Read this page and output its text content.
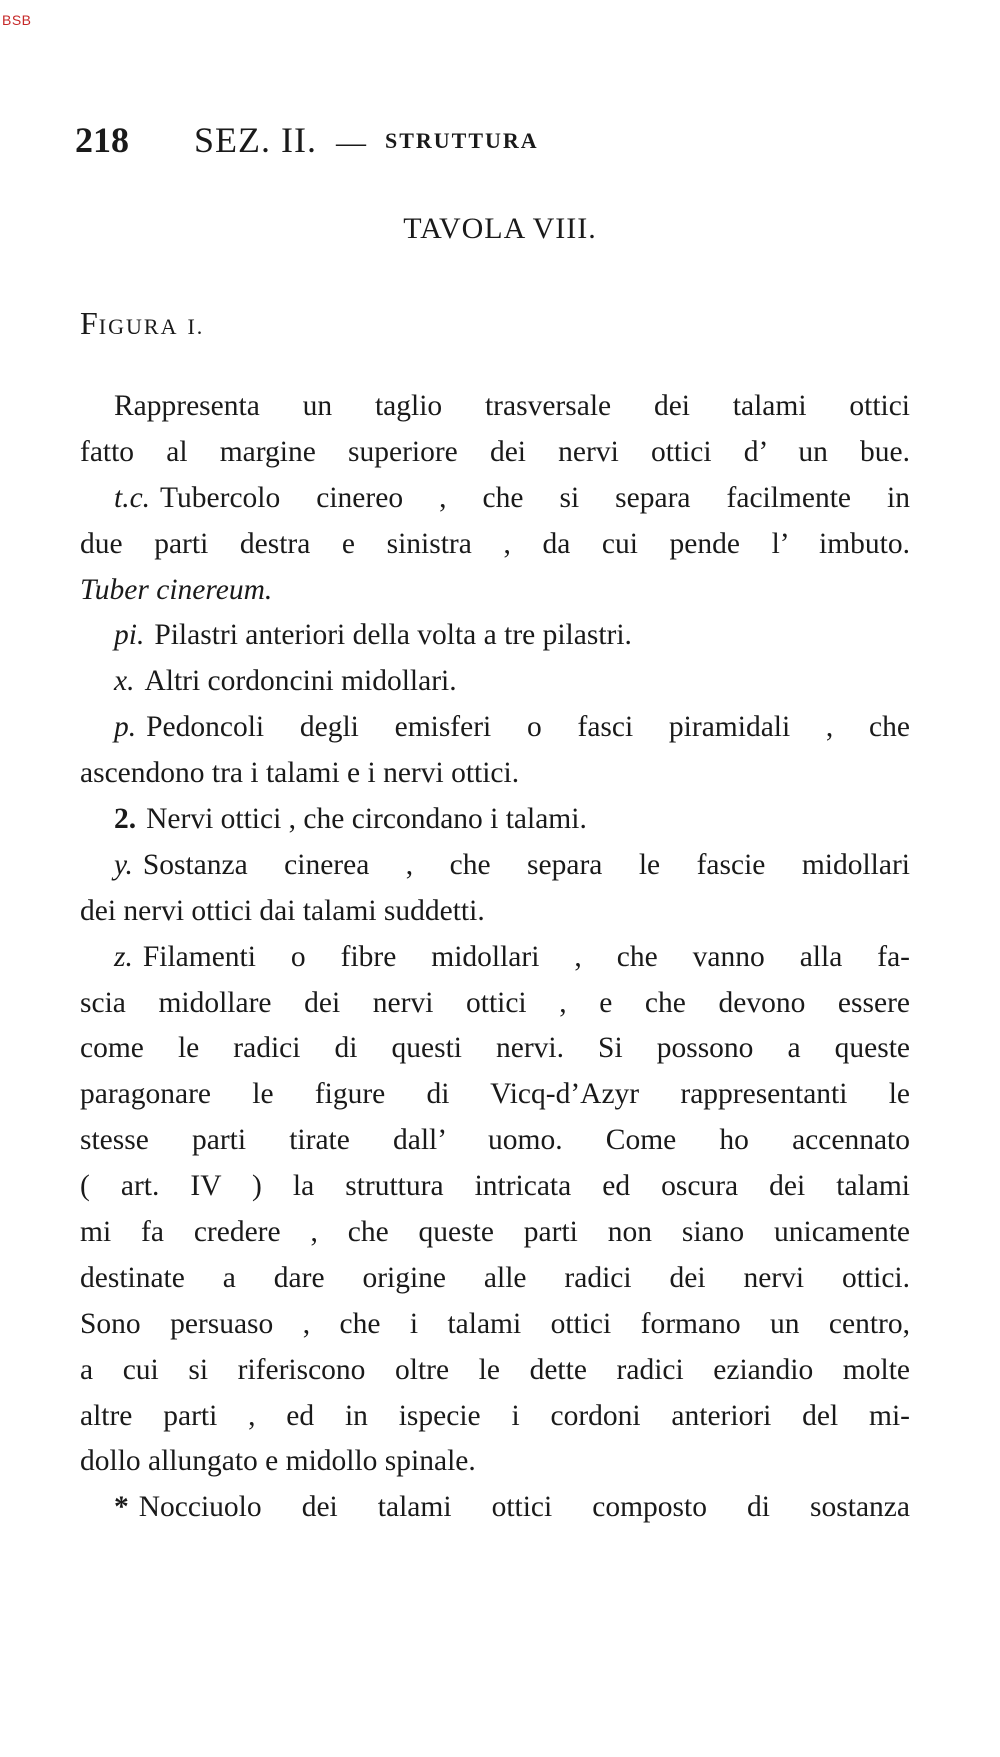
BSB
218 SEZ. II. — STRUTTURA
TAVOLA VIII.
FIGURA I.
Rappresenta un taglio trasversale dei talami ottici
fatto al margine superiore dei nervi ottici d’ un bue.
t.c. Tubercolo cinereo , che si separa facilmente in
due parti destra e sinistra , da cui pende l’ imbuto.
Tuber cinereum.
pi. Pilastri anteriori della volta a tre pilastri.
x. Altri cordoncini midollari.
p. Pedoncoli degli emisferi o fasci piramidali , che
ascendono tra i talami e i nervi ottici.
2. Nervi ottici , che circondano i talami.
y. Sostanza cinerea , che separa le fascie midollari
dei nervi ottici dai talami suddetti.
z. Filamenti o fibre midollari , che vanno alla fa-
scia midollare dei nervi ottici , e che devono essere
come le radici di questi nervi. Si possono a queste
paragonare le figure di Vicq-d’Azyr rappresentanti le
stesse parti tirate dall’ uomo. Come ho accennato
( art. IV ) la struttura intricata ed oscura dei talami
mi fa credere , che queste parti non siano unicamente
destinate a dare origine alle radici dei nervi ottici.
Sono persuaso , che i talami ottici formano un centro,
a cui si riferiscono oltre le dette radici eziandio molte
altre parti , ed in ispecie i cordoni anteriori del mi-
dollo allungato e midollo spinale.
* Nocciuolo dei talami ottici composto di sostanza
